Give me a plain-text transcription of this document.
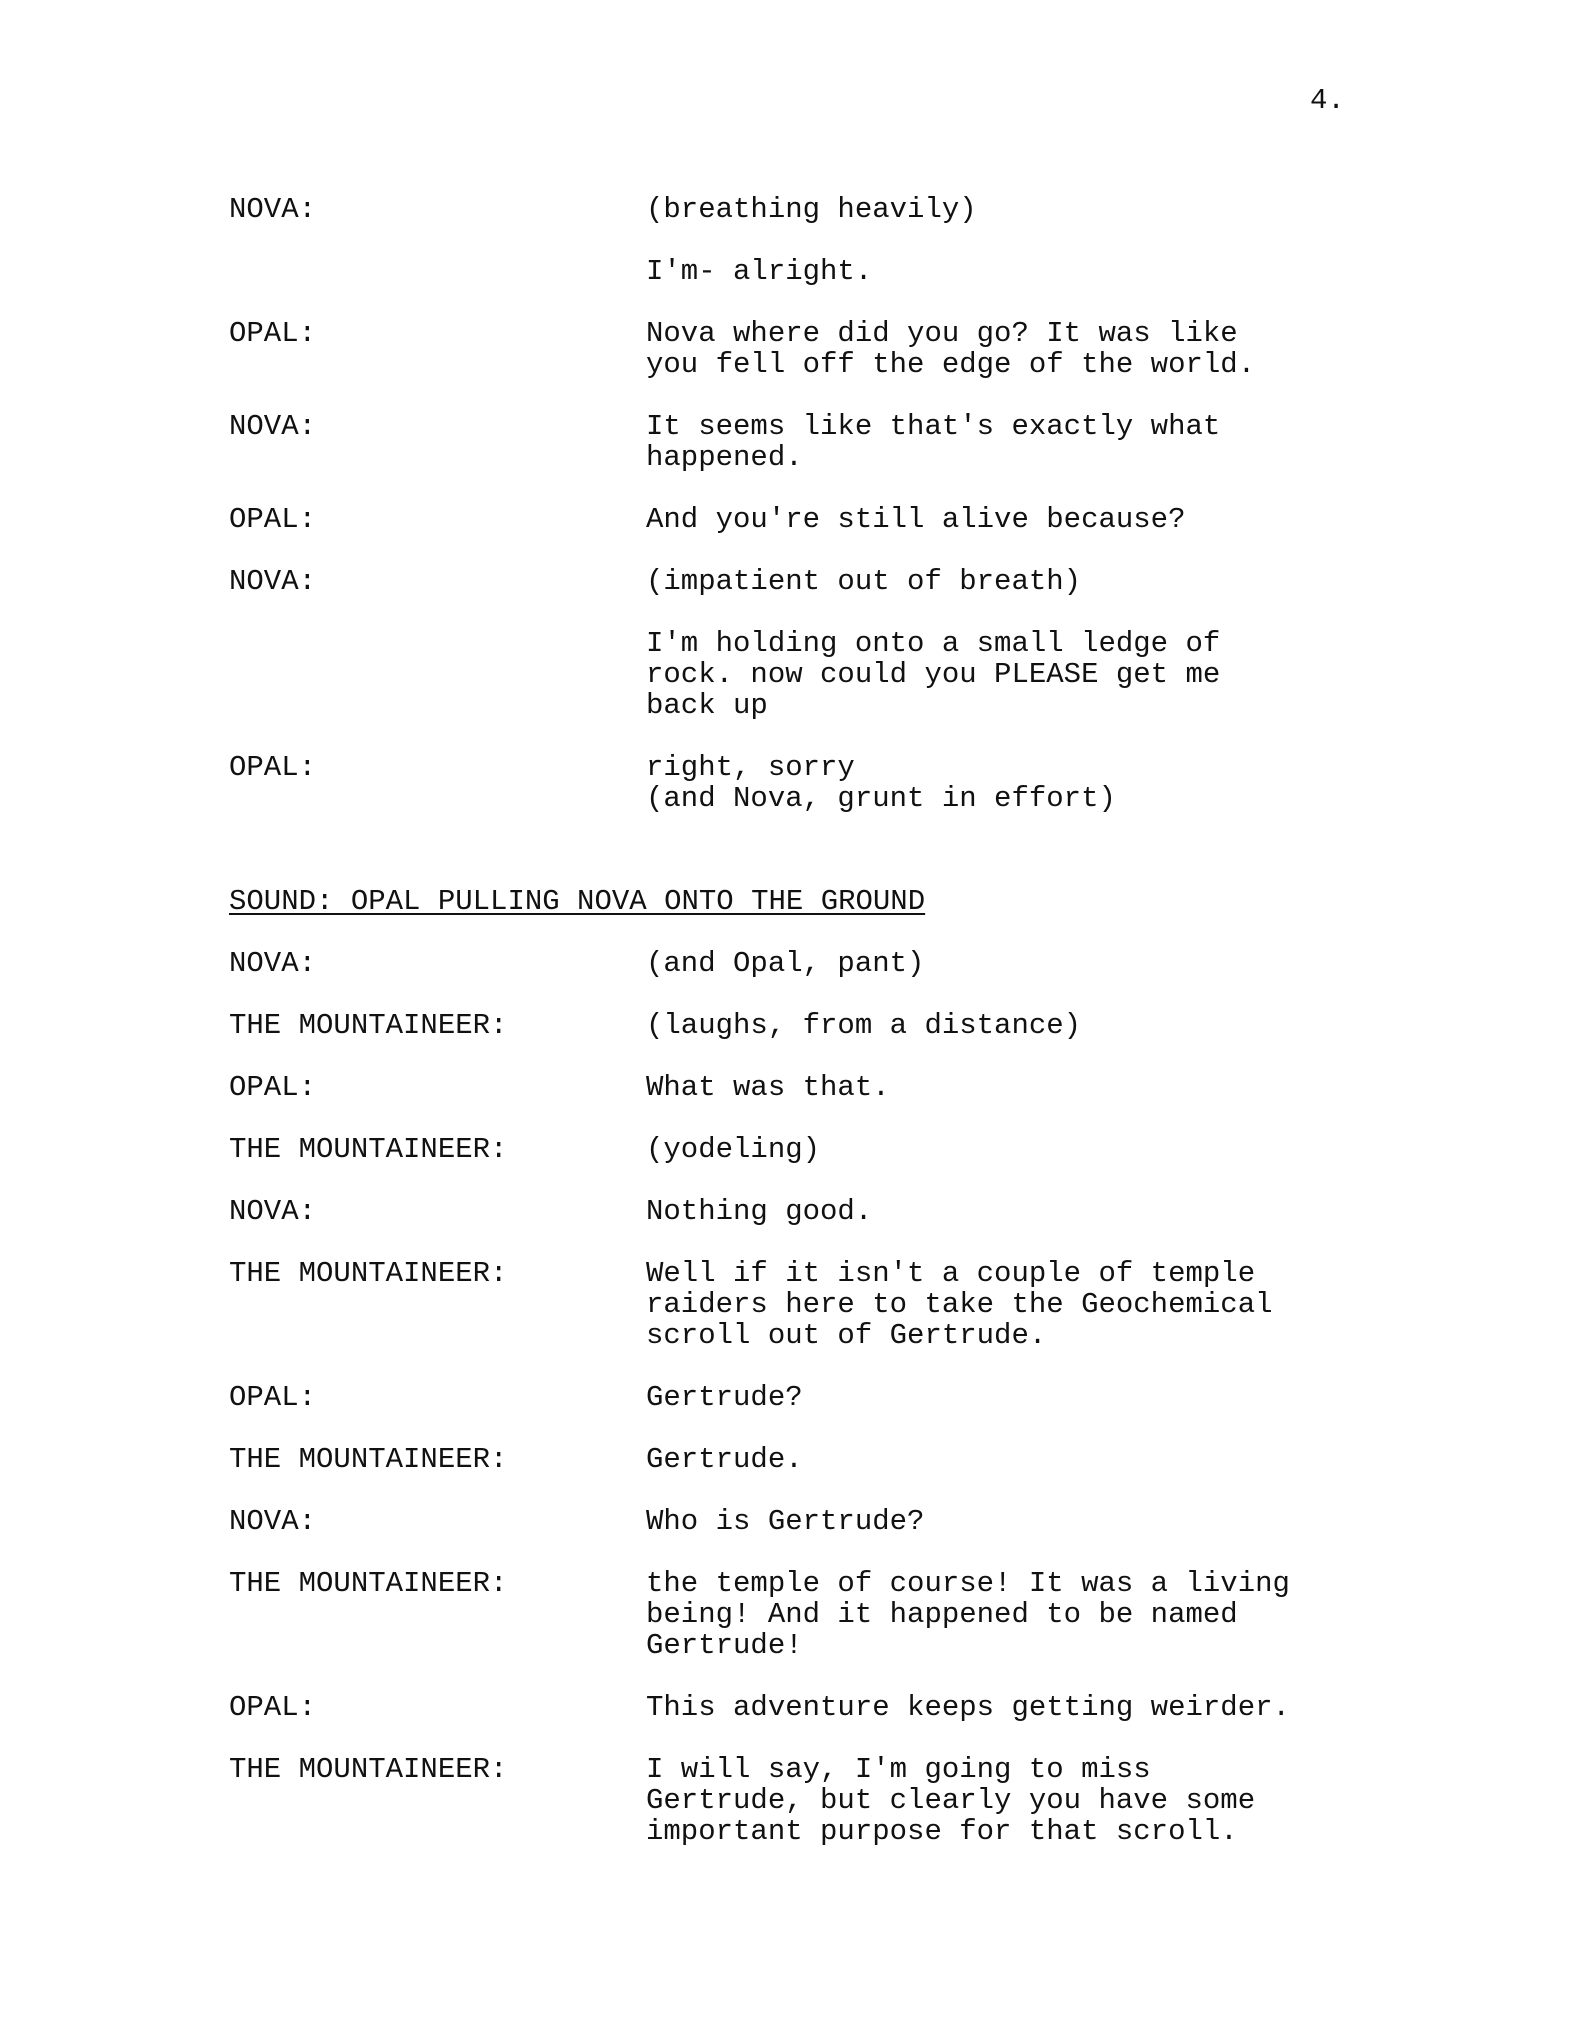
4.
NOVA:	(breathing heavily)
I'm- alright.
OPAL:	Nova where did you go? It was like
you fell off the edge of the world.
NOVA:	It seems like that's exactly what
happened.
OPAL:	And you're still alive because?
NOVA:	(impatient out of breath)
I'm holding onto a small ledge of
rock. now could you PLEASE get me
back up
OPAL:	right, sorry
(and Nova, grunt in effort)
SOUND: OPAL PULLING NOVA ONTO THE GROUND
NOVA:	(and Opal, pant)
THE MOUNTAINEER:	(laughs, from a distance)
OPAL:	What was that.
THE MOUNTAINEER:	(yodeling)
NOVA:	Nothing good.
THE MOUNTAINEER:	Well if it isn't a couple of temple
raiders here to take the Geochemical
scroll out of Gertrude.
OPAL:	Gertrude?
THE MOUNTAINEER:	Gertrude.
NOVA:	Who is Gertrude?
THE MOUNTAINEER:	the temple of course! It was a living
being! And it happened to be named
Gertrude!
OPAL:	This adventure keeps getting weirder.
THE MOUNTAINEER:	I will say, I'm going to miss
Gertrude, but clearly you have some
important purpose for that scroll.
